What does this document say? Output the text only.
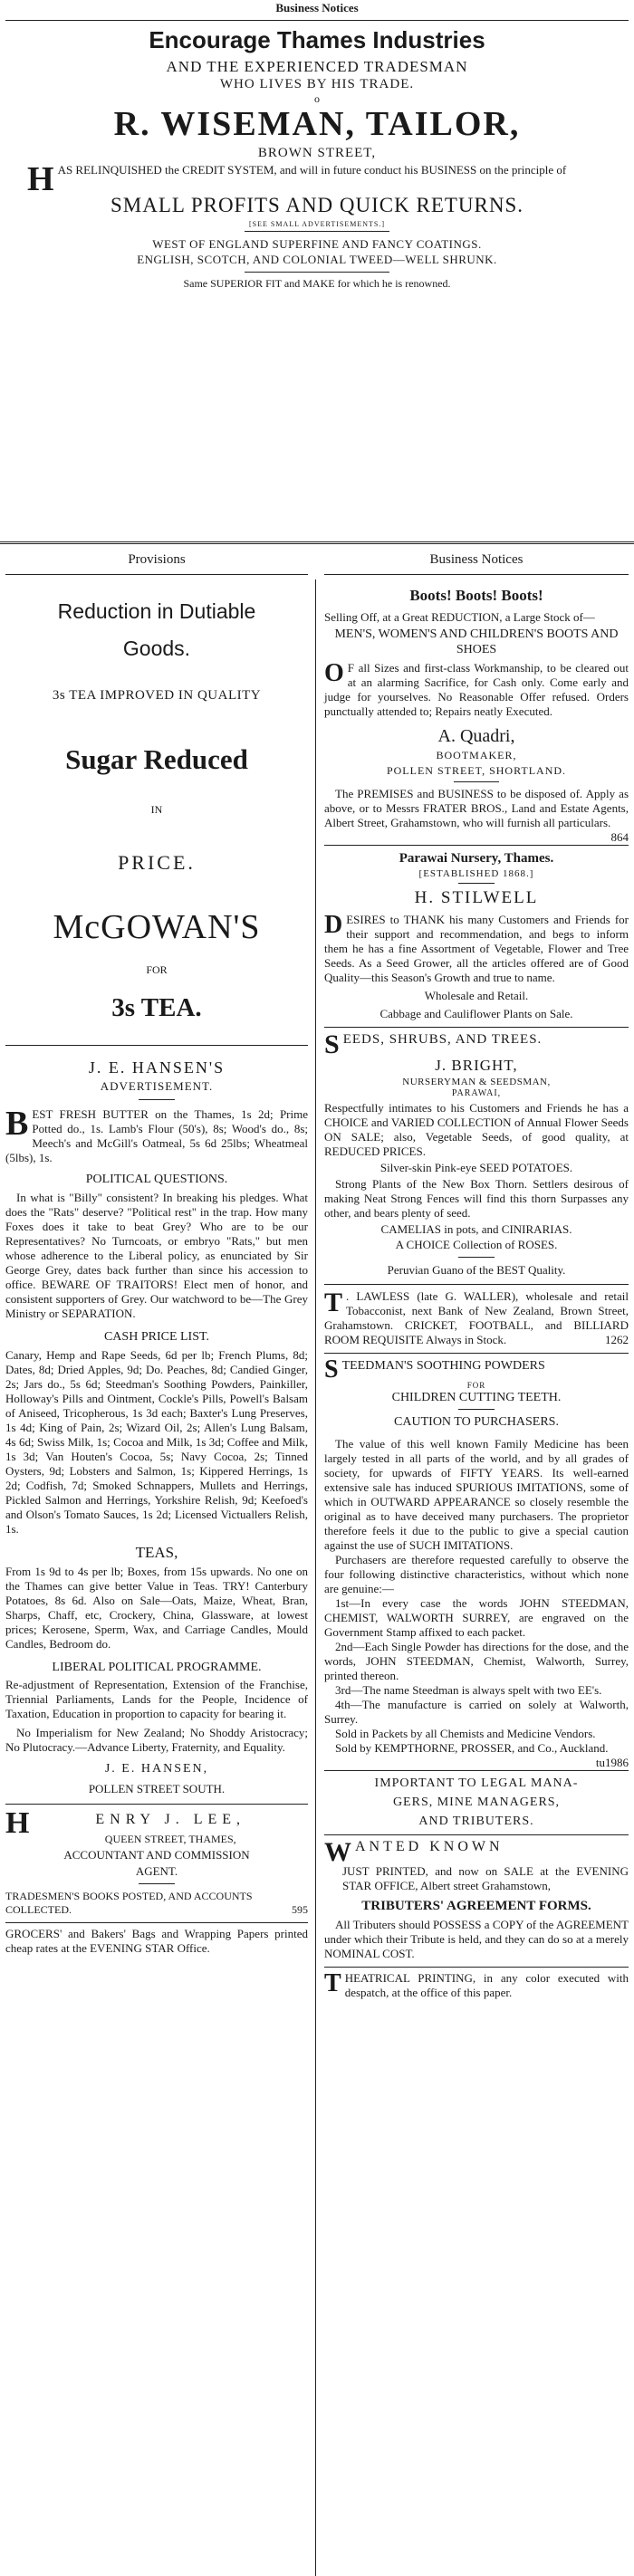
Business Notices
Encourage Thames Industries
AND THE EXPERIENCED TRADESMAN
WHO LIVES BY HIS TRADE.
o
R. WISEMAN, TAILOR,
BROWN STREET,
H AS RELINQUISHED the CREDIT SYSTEM, and will in future conduct his BUSINESS on the principle of
SMALL PROFITS AND QUICK RETURNS.
[SEE SMALL ADVERTISEMENTS.]
WEST OF ENGLAND SUPERFINE AND FANCY COATINGS.
ENGLISH, SCOTCH, AND COLONIAL TWEED—WELL SHRUNK.
Same SUPERIOR FIT and MAKE for which he is renowned.
Provisions	Business Notices
Reduction in Dutiable
Goods.
3s TEA IMPROVED IN QUALITY
Sugar Reduced
IN
PRICE.
McGOWAN'S
FOR
3s TEA.
J. E. HANSEN'S
ADVERTISEMENT.
B EST FRESH BUTTER on the Thames, 1s 2d; Prime Potted do., 1s. Lamb's Flour (50's), 8s; Wood's do., 8s; Meech's and McGill's Oatmeal, 5s 6d 25lbs; Wheatmeal (5lbs), 1s.
POLITICAL QUESTIONS.
In what is "Billy" consistent? In breaking his pledges. What does the "Rats" deserve? "Political rest" in the trap. How many Foxes does it take to beat Grey? Who are to be our Representatives? No Turncoats, or embryo "Rats," but men whose adherence to the Liberal policy, as enunciated by Sir George Grey, dates back further than since his accession to office. BEWARE OF TRAITORS! Elect men of honor, and consistent supporters of Grey. Our watchword to be—The Grey Ministry or SEPARATION.
CASH PRICE LIST.
Canary, Hemp and Rape Seeds, 6d per lb; French Plums, 8d; Dates, 8d; Dried Apples, 9d; Do. Peaches, 8d; Candied Ginger, 2s; Jars do., 5s 6d; Steedman's Soothing Powders, Painkiller, Holloway's Pills and Ointment, Cockle's Pills, Powell's Balsam of Aniseed, Tricopherous, 1s 3d each; Baxter's Lung Preserves, 1s 4d; King of Pain, 2s; Wizard Oil, 2s; Allen's Lung Balsam, 4s 6d; Swiss Milk, 1s; Cocoa and Milk, 1s 3d; Coffee and Milk, 1s 3d; Van Houten's Cocoa, 5s; Navy Cocoa, 2s; Tinned Oysters, 9d; Lobsters and Salmon, 1s; Kippered Herrings, 1s 2d; Codfish, 7d; Smoked Schnappers, Mullets and Herrings, Pickled Salmon and Herrings, Yorkshire Relish, 9d; Keefoed's and Olson's Tomato Sauces, 1s 2d; Licensed Victuallers Relish, 1s.
TEAS,
From 1s 9d to 4s per lb; Boxes, from 15s upwards. No one on the Thames can give better Value in Teas. TRY! Canterbury Potatoes, 8s 6d. Also on Sale—Oats, Maize, Wheat, Bran, Sharps, Chaff, etc, Crockery, China, Glassware, at lowest prices; Kerosene, Sperm, Wax, and Carriage Candles, Mould Candles, Bedroom do.
LIBERAL POLITICAL PROGRAMME.
Re-adjustment of Representation, Extension of the Franchise, Triennial Parliaments, Lands for the People, Incidence of Taxation, Education in proportion to capacity for bearing it.
No Imperialism for New Zealand; No Shoddy Aristocracy; No Plutocracy.—Advance Liberty, Fraternity, and Equality.
J. E. HANSEN,
POLLEN STREET SOUTH.
H	ENRY J. LEE,
QUEEN STREET, THAMES,
ACCOUNTANT AND COMMISSION
AGENT.
TRADESMEN'S BOOKS POSTED, AND ACCOUNTS COLLECTED.	595
GROCERS' and Bakers' Bags and Wrapping Papers printed cheap rates at the EVENING STAR Office.
Boots! Boots! Boots!
Selling Off, at a Great REDUCTION, a Large Stock of—
MEN'S, WOMEN'S AND CHILDREN'S BOOTS AND SHOES
O F all Sizes and first-class Workmanship, to be cleared out at an alarming Sacrifice, for Cash only. Come early and judge for yourselves. No Reasonable Offer refused. Orders punctually attended to; Repairs neatly Executed.
A. Quadri,
BOOTMAKER,
POLLEN STREET, SHORTLAND.
The PREMISES and BUSINESS to be disposed of. Apply as above, or to Messrs FRATER BROS., Land and Estate Agents, Albert Street, Grahamstown, who will furnish all particulars.
864
Parawai Nursery, Thames.
[ESTABLISHED 1868.]
H. STILWELL
D ESIRES to THANK his many Customers and Friends for their support and recommendation, and begs to inform them he has a fine Assortment of Vegetable, Flower and Tree Seeds. As a Seed Grower, all the articles offered are of Good Quality—this Season's Growth and true to name.
Wholesale and Retail.
Cabbage and Cauliflower Plants on Sale.
S EEDS, SHRUBS, AND TREES.
J. BRIGHT,
NURSERYMAN & SEEDSMAN,
PARAWAI,
Respectfully intimates to his Customers and Friends he has a CHOICE and VARIED COLLECTION of Annual Flower Seeds ON SALE; also, Vegetable Seeds, of good quality, at REDUCED PRICES.
Silver-skin Pink-eye SEED POTATOES.
Strong Plants of the New Box Thorn. Settlers desirous of making Neat Strong Fences will find this thorn Surpasses any other, and bears plenty of seed.
CAMELIAS in pots, and CINIRARIAS.
A CHOICE Collection of ROSES.
Peruvian Guano of the BEST Quality.
T . LAWLESS (late G. WALLER), wholesale and retail Tobacconist, next Bank of New Zealand, Brown Street, Grahamstown. CRICKET, FOOTBALL, and BILLIARD ROOM REQUISITE Always in Stock.	1262
S TEEDMAN'S SOOTHING POWDERS
FOR
CHILDREN CUTTING TEETH.
CAUTION TO PURCHASERS.
The value of this well known Family Medicine has been largely tested in all parts of the world, and by all grades of society, for upwards of FIFTY YEARS. Its well-earned extensive sale has induced SPURIOUS IMITATIONS, some of which in OUTWARD APPEARANCE so closely resemble the original as to have deceived many purchasers. The proprietor therefore feels it due to the public to give a special caution against the use of SUCH IMITATIONS.
Purchasers are therefore requested carefully to observe the four following distinctive characteristics, without which none are genuine:—
1st—In every case the words JOHN STEEDMAN, CHEMIST, WALWORTH SURREY, are engraved on the Government Stamp affixed to each packet.
2nd—Each Single Powder has directions for the dose, and the words, JOHN STEEDMAN, Chemist, Walworth, Surrey, printed thereon.
3rd—The name Steedman is always spelt with two EE's.
4th—The manufacture is carried on solely at Walworth, Surrey.
Sold in Packets by all Chemists and Medicine Vendors.
Sold by KEMPTHORNE, PROSSER, and Co., Auckland.
tu1986
IMPORTANT TO LEGAL MANA-
GERS, MINE MANAGERS,
AND TRIBUTERS.
W ANTED KNOWN
JUST PRINTED, and now on SALE at the EVENING STAR OFFICE, Albert street Grahamstown,
TRIBUTERS' AGREEMENT FORMS.
All Tributers should POSSESS a COPY of the AGREEMENT under which their Tribute is held, and they can do so at a merely NOMINAL COST.
T HEATRICAL PRINTING, in any color executed with despatch, at the office of this paper.
